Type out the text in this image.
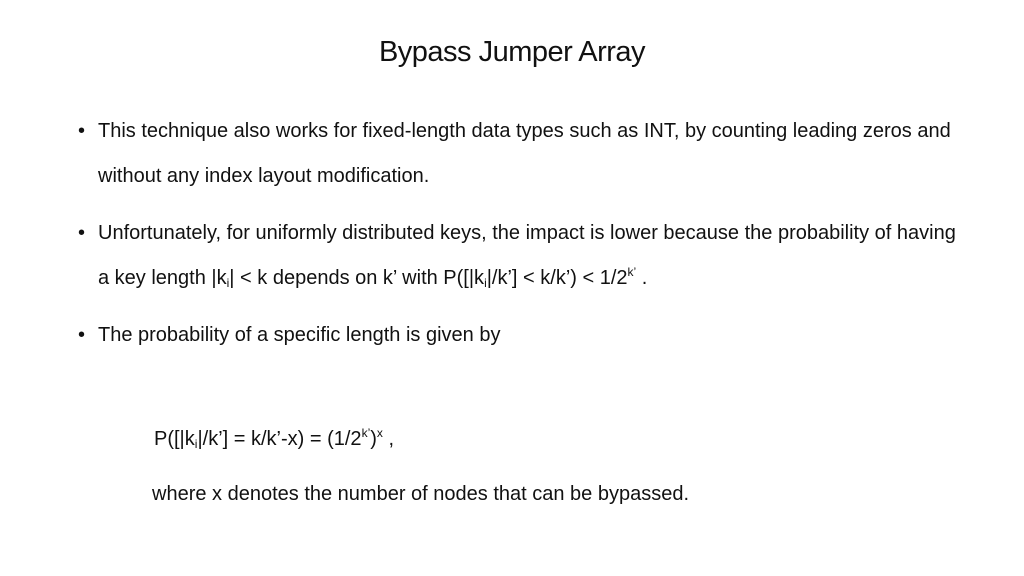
Bypass Jumper Array
• This technique also works for fixed-length data types such as INT, by counting leading zeros and without any index layout modification.
• Unfortunately, for uniformly distributed keys, the impact is lower because the probability of having a key length $|k_i| < k$ depends on k’ with $P([|k_i|/k’]$ < k/k’) < $1/2^{k’}$ .
• The probability of a specific length is given by
$P([|k_i|/k’]$ = k/k’-x) = $(1/2^{k’})^x$ ,
where x denotes the number of nodes that can be bypassed.
